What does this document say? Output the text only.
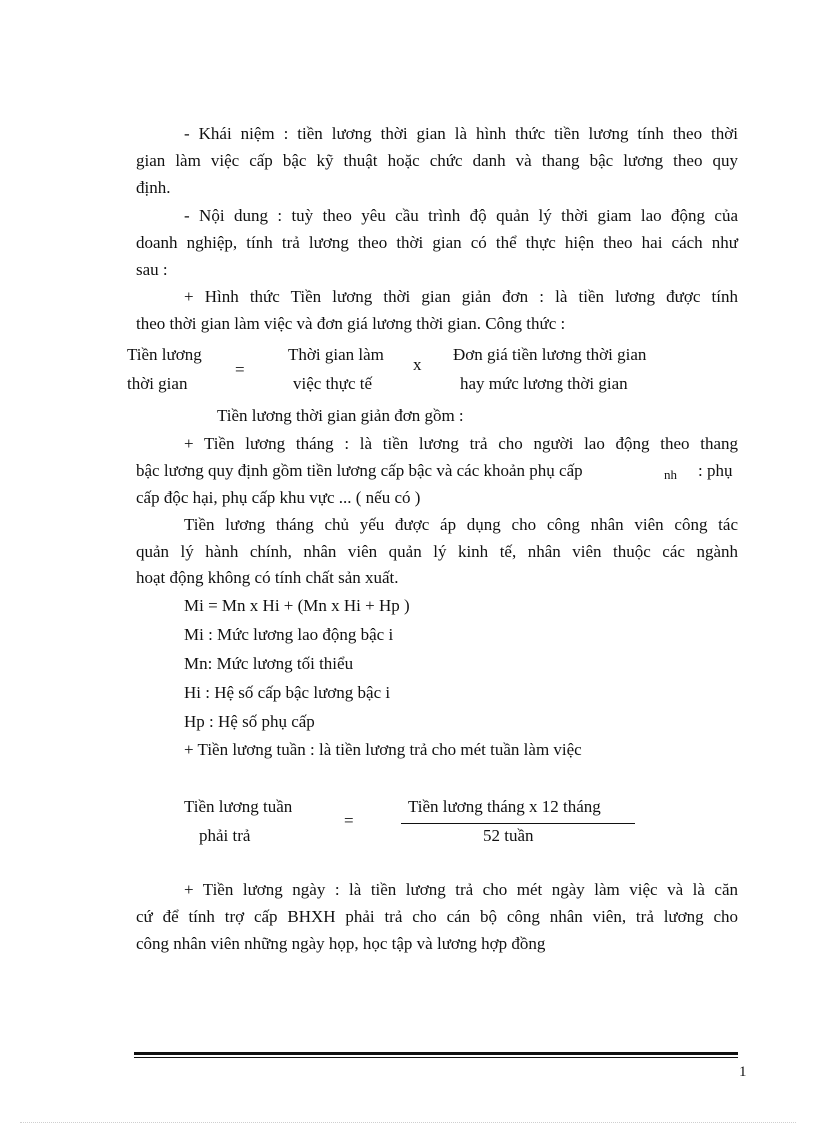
- Khái niệm : tiền lương thời gian là hình thức tiền lương tính theo thời
gian làm việc cấp bậc kỹ thuật hoặc chức danh và thang bậc lương theo quy
định.
- Nội dung : tuỳ theo yêu cầu trình độ quản lý thời giam lao động của
doanh nghiệp, tính trả lương theo thời gian có thể thực hiện theo hai cách như
sau :
+ Hình thức Tiền lương thời gian giản đơn : là tiền lương được tính
theo thời gian làm việc và đơn giá lương thời gian. Công thức :
Tiền lương
thời gian
=
Thời gian làm
việc thực tế
x
Đơn giá tiền lương thời gian
hay mức lương thời gian
Tiền lương thời gian giản đơn gồm :
+ Tiền lương tháng : là tiền lương trả cho người lao động theo thang
bậc lương quy định gồm tiền lương cấp bậc và các khoản phụ cấp	nh : phụ
cấp độc hại, phụ cấp khu vực ... ( nếu có )
Tiền lương tháng chủ yếu được áp dụng cho công nhân viên công tác
quản lý hành chính, nhân viên quản lý kinh tế, nhân viên thuộc các ngành
hoạt động không có tính chất sản xuất.
Mi = Mn x Hi + (Mn x Hi + Hp )
Mi : Mức lương lao động bậc i
Mn: Mức lương tối thiểu
Hi : Hệ số cấp bậc lương bậc i
Hp : Hệ số phụ cấp
+ Tiền lương tuần : là tiền lương trả cho mét tuần làm việc
Tiền lương tuần
phải trả
=
Tiền lương tháng x 12 tháng
52 tuần
+ Tiền lương ngày : là tiền lương trả cho mét ngày làm việc và là căn
cứ để tính trợ cấp BHXH phải trả cho cán bộ công nhân viên, trả lương cho
công nhân viên những ngày họp, học tập và lương hợp đồng
1
